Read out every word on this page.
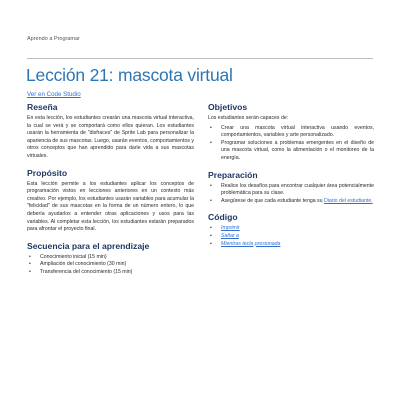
Aprendo a Programar
Lección 21: mascota virtual
Ver en Code Studio
Reseña

En esta lección, los estudiantes crearán una mascota virtual interactiva, la cual se verá y se comportará como ellos quieran. Los estudiantes usarán la herramienta de "disfraces" de Sprite Lab para personalizar la apariencia de sus mascotas. Luego, usarán eventos, comportamientos y otros conceptos que han aprendido para darle vida a sus mascotas virtuales.

Propósito

Esta lección permite a los estudiantes aplicar los conceptos de programación vistos en lecciones anteriores en un contexto más creativo. Por ejemplo, los estudiantes usarán variables para acumular la "felicidad" de sus mascotas en la forma de un número entero, lo que debería ayudarlos a entender otras aplicaciones y usos para las variables. Al completar esta lección, los estudiantes estarán preparados para afrontar el proyecto final.

Secuencia para el aprendizaje
• Conocimiento inicial (15 min)
• Ampliación del conocimiento (30 min)
• Transferencia del conocimiento (15 min)
Objetivos

Los estudiantes serán capaces de:

• Crear una mascota virtual interactiva usando eventos, comportamientos, variables y arte personalizado.
• Programar soluciones a problemas emergentes en el diseño de una mascota virtual, como la alimentación o el monitoreo de la energía.
Preparación
• Realice los desafíos para encontrar cualquier área potencialmente problemática para su clase.
• Asegúrese de que cada estudiante tenga su Diario del estudiante.
Código
• Imprimir
• Saltar a
• Mientras tecla presionada
